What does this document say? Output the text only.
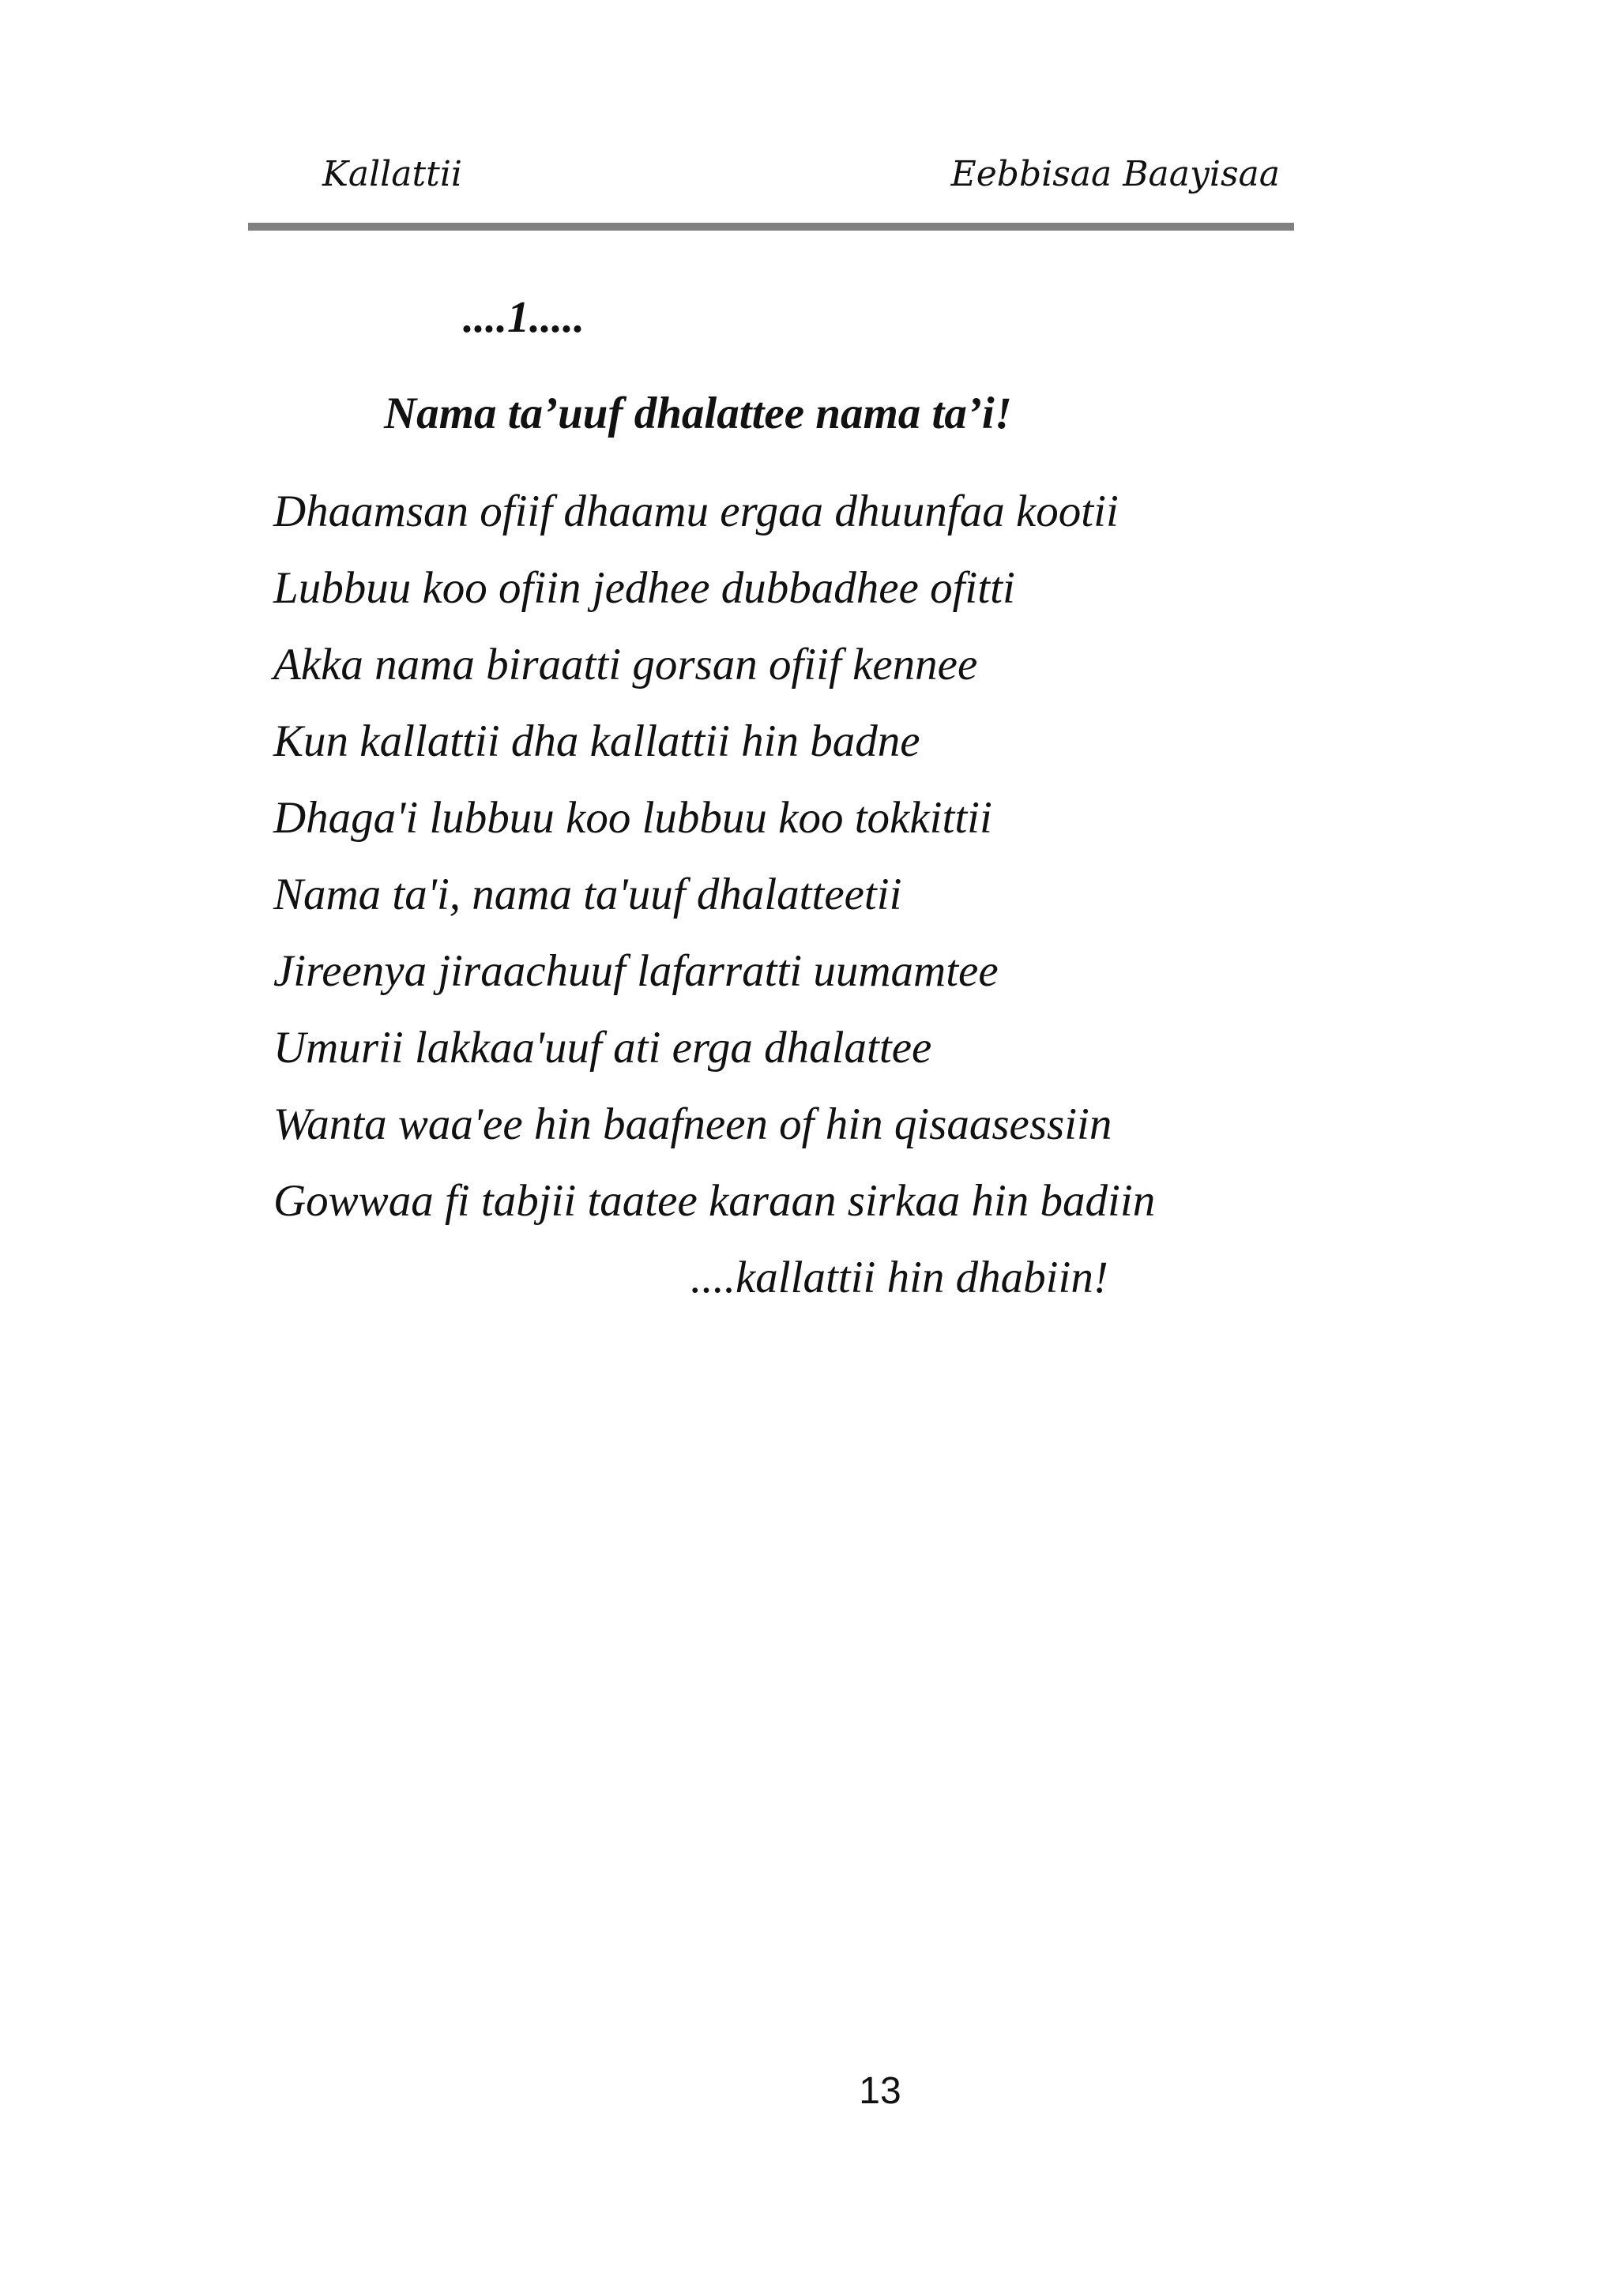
Kallattii	Eebbisaa Baayisaa
....1.....
Nama ta’uuf dhalattee nama ta’i!
Dhaamsan ofiif dhaamu ergaa dhuunfaa kootii
Lubbuu koo ofiin jedhee dubbadhee ofitti
Akka nama biraatti gorsan ofiif kennee
Kun kallattii dha kallattii hin badne
Dhaga'i lubbuu koo lubbuu koo tokkittii
Nama ta'i, nama ta'uuf dhalatteetii
Jireenya jiraachuuf lafarratti uumamtee
Umurii lakkaa'uuf ati erga dhalattee
Wanta waa'ee hin baafneen of hin qisaasessiin
Gowwaa fi tabjii taatee karaan sirkaa hin badiin
....kallattii hin dhabiin!
13
